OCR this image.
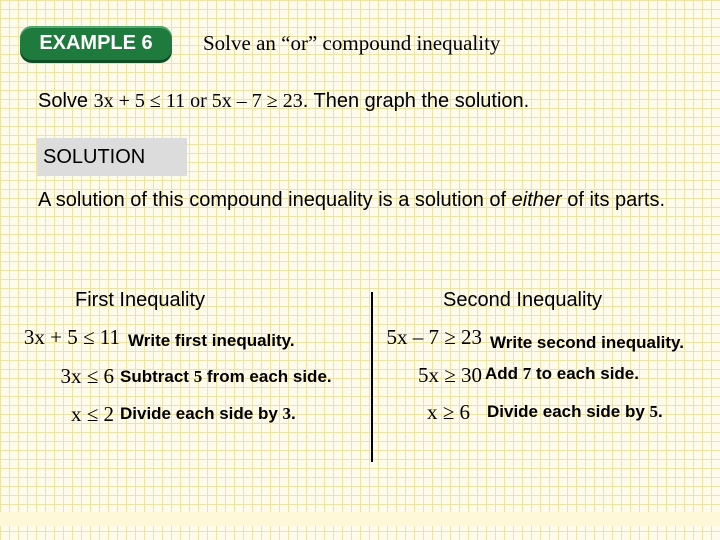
EXAMPLE 6	Solve an “or” compound inequality
Solve 3x + 5 ≤ 11 or 5x – 7 ≥ 23. Then graph the solution.
SOLUTION
A solution of this compound inequality is a solution of either of its parts.
First Inequality	Second Inequality
3x + 5 ≤ 11 Write first inequality.
3x ≤ 6 Subtract 5 from each side.
x ≤ 2 Divide each side by 3.
5x – 7 ≥ 23 Write second inequality.
5x ≥ 30 Add 7 to each side.
x ≥ 6 Divide each side by 5.
